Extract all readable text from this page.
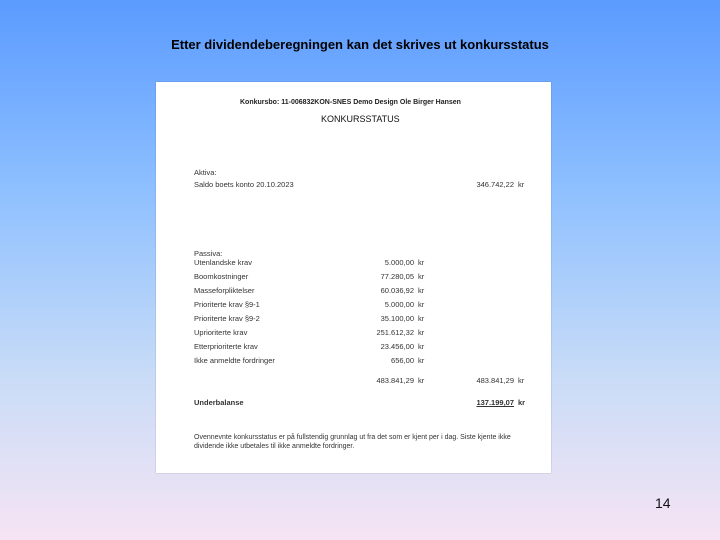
Etter dividendeberegningen kan det skrives ut konkursstatus
Konkursbo: 11-006832KON-SNES Demo Design Ole Birger Hansen
KONKURSSTATUS
Aktiva:
Saldo boets konto 20.10.2023	346.742,22 kr
Passiva:
Utenlandske krav	5.000,00 kr
Boomkostninger	77.280,05 kr
Masseforpliktelser	60.036,92 kr
Prioriterte krav §9-1	5.000,00 kr
Prioriterte krav §9-2	35.100,00 kr
Uprioriterte krav	251.612,32 kr
Etterprioriterte krav	23.456,00 kr
Ikke anmeldte fordringer	656,00 kr
483.841,29 kr	483.841,29 kr
Underbalanse	137.199,07 kr
Ovennevnte konkursstatus er på fullstendig grunnlag ut fra det som er kjent per i dag. Siste kjente ikke dividende ikke utbetales til ikke anmeldte fordringer.
14
